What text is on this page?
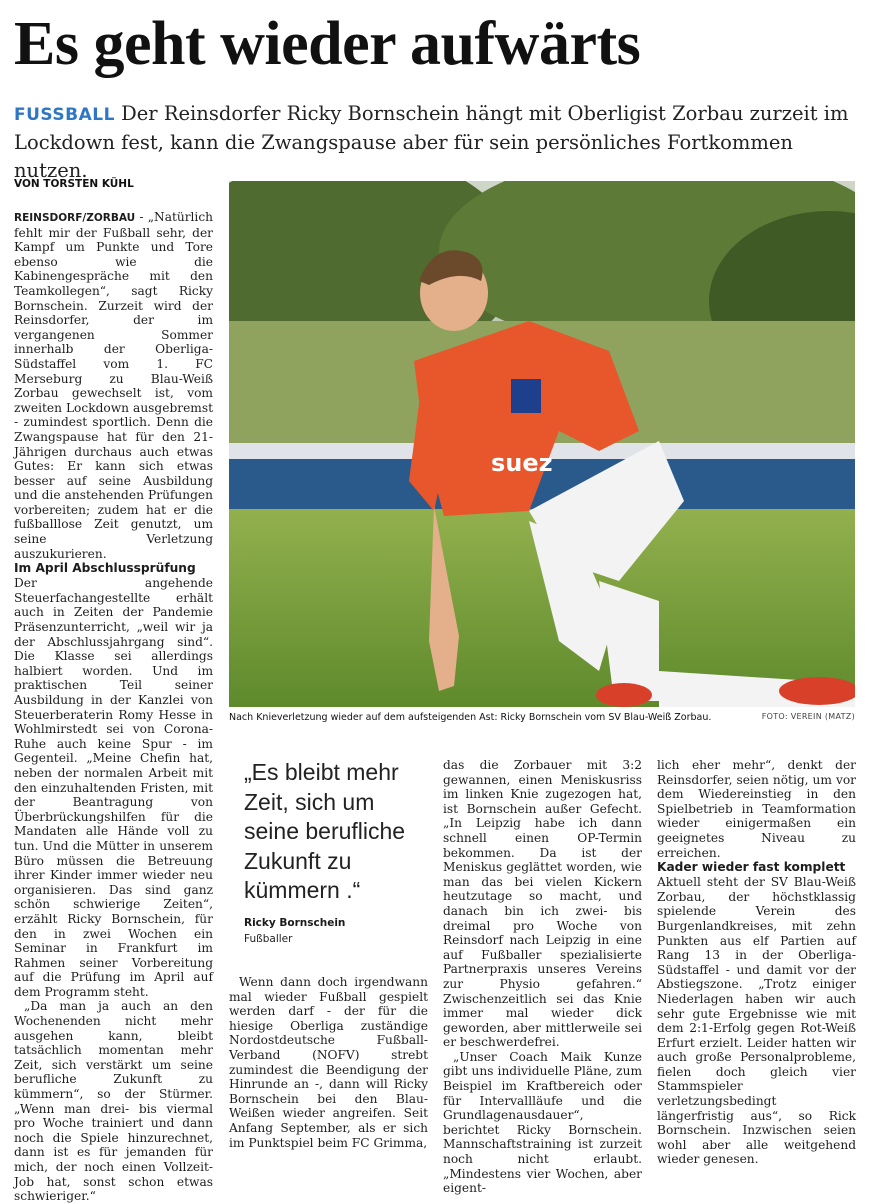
Es geht wieder aufwärts
FUSSBALL Der Reinsdorfer Ricky Bornschein hängt mit Oberligist Zorbau zurzeit im Lockdown fest, kann die Zwangspause aber für sein persönliches Fortkommen nutzen.
VON TORSTEN KÜHL

REINSDORF/ZORBAU - „Natürlich fehlt mir der Fußball sehr, der Kampf um Punkte und Tore ebenso wie die Kabinengespräche mit den Teamkollegen“, sagt Ricky Bornschein. Zurzeit wird der Reinsdorfer, der im vergangenen Sommer innerhalb der Oberliga-Südstaffel vom 1. FC Merseburg zu Blau-Weiß Zorbau gewechselt ist, vom zweiten Lockdown ausgebremst - zumindest sportlich. Denn die Zwangspause hat für den 21-Jährigen durchaus auch etwas Gutes: Er kann sich etwas besser auf seine Ausbildung und die anstehenden Prüfungen vorbereiten; zudem hat er die fußballlose Zeit genutzt, um seine Verletzung auszukurieren.

Im April Abschlussprüfung

Der angehende Steuerfachangestellte erhält auch in Zeiten der Pandemie Präsenzunterricht, „weil wir ja der Abschlussjahrgang sind“. Die Klasse sei allerdings halbiert worden. Und im praktischen Teil seiner Ausbildung in der Kanzlei von Steuerberaterin Romy Hesse in Wohlmirstedt sei von Corona-Ruhe auch keine Spur - im Gegenteil. „Meine Chefin hat, neben der normalen Arbeit mit den einzuhaltenden Fristen, mit der Beantragung von Überbrückungshilfen für die Mandaten alle Hände voll zu tun. Und die Mütter in unserem Büro müssen die Betreuung ihrer Kinder immer wieder neu organisieren. Das sind ganz schön schwierige Zeiten“, erzählt Ricky Bornschein, für den in zwei Wochen ein Seminar in Frankfurt im Rahmen seiner Vorbereitung auf die Prüfung im April auf dem Programm steht.

„Da man ja auch an den Wochenenden nicht mehr ausgehen kann, bleibt tatsächlich momentan mehr Zeit, sich verstärkt um seine berufliche Zukunft zu kümmern“, so der Stürmer. „Wenn man drei- bis viermal pro Woche trainiert und dann noch die Spiele hinzurechnet, dann ist es für jemanden für mich, der noch einen Vollzeit-Job hat, sonst schon etwas schwieriger.“

suez
Nach Knieverletzung wieder auf dem aufsteigenden Ast: Ricky Bornschein vom SV Blau-Weiß Zorbau.	FOTO: VEREIN (MATZ)
„Es bleibt mehr Zeit, sich um seine berufliche Zukunft zu kümmern .“
Ricky Bornschein
Fußballer

Wenn dann doch irgendwann mal wieder Fußball gespielt werden darf - der für die hiesige Oberliga zuständige Nordostdeutsche Fußball-Verband (NOFV) strebt zumindest die Beendigung der Hinrunde an -, dann will Ricky Bornschein bei den Blau-Weißen wieder angreifen. Seit Anfang September, als er sich im Punktspiel beim FC Grimma,

das die Zorbauer mit 3:2 gewannen, einen Meniskusriss im linken Knie zugezogen hat, ist Bornschein außer Gefecht. „In Leipzig habe ich dann schnell einen OP-Termin bekommen. Da ist der Meniskus geglättet worden, wie man das bei vielen Kickern heutzutage so macht, und danach bin ich zwei- bis dreimal pro Woche von Reinsdorf nach Leipzig in eine auf Fußballer spezialisierte Partnerpraxis unseres Vereins zur Physio gefahren.“ Zwischenzeitlich sei das Knie immer mal wieder dick geworden, aber mittlerweile sei er beschwerdefrei.

„Unser Coach Maik Kunze gibt uns individuelle Pläne, zum Beispiel im Kraftbereich oder für Intervallläufe und die Grundlagenausdauer“, berichtet Ricky Bornschein. Mannschaftstraining ist zurzeit noch nicht erlaubt. „Mindestens vier Wochen, aber eigent-

lich eher mehr“, denkt der Reinsdorfer, seien nötig, um vor dem Wiedereinstieg in den Spielbetrieb in Teamformation wieder einigermaßen ein geeignetes Niveau zu erreichen.

Kader wieder fast komplett

Aktuell steht der SV Blau-Weiß Zorbau, der höchstklassig spielende Verein des Burgenlandkreises, mit zehn Punkten aus elf Partien auf Rang 13 in der Oberliga-Südstaffel - und damit vor der Abstiegszone. „Trotz einiger Niederlagen haben wir auch sehr gute Ergebnisse wie mit dem 2:1-Erfolg gegen Rot-Weiß Erfurt erzielt. Leider hatten wir auch große Personalprobleme, fielen doch gleich vier Stammspieler verletzungsbedingt längerfristig aus“, so Rick Bornschein. Inzwischen seien wohl aber alle weitgehend wieder genesen.
